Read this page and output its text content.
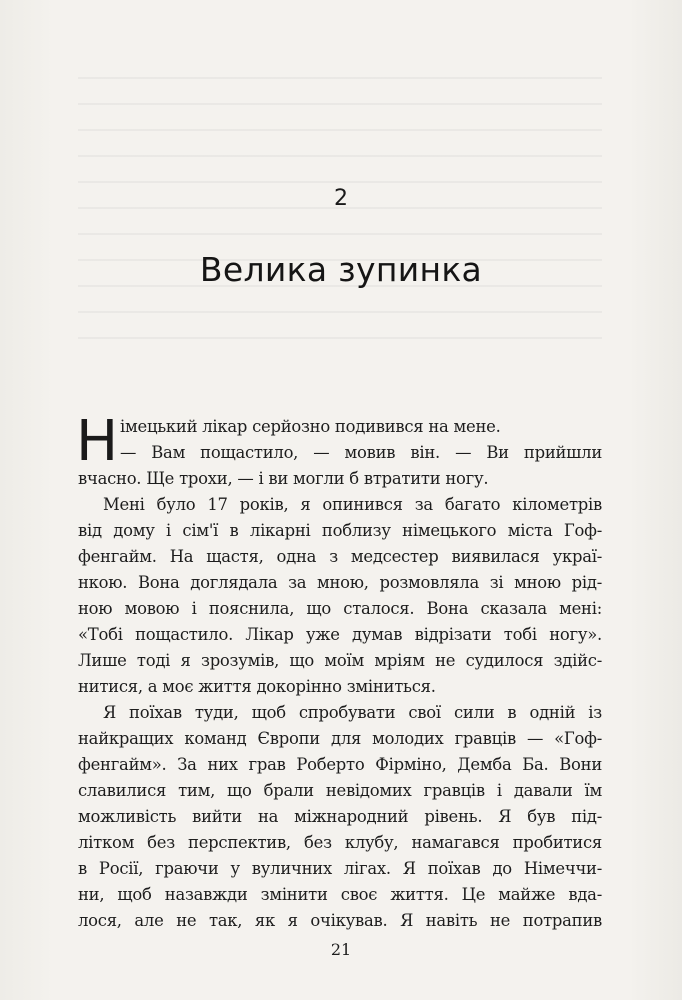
2
Велика зупинка
Н імецький лікар серйозно подивився на мене.
— Вам пощастило, — мовив він. — Ви прийшли
вчасно. Ще трохи, — і ви могли б втратити ногу.
Мені було 17 років, я опинився за багато кілометрів
від дому і сім'ї в лікарні поблизу німецького міста Гоф-
фенгайм. На щастя, одна з медсестер виявилася украї-
нкою. Вона доглядала за мною, розмовляла зі мною рід-
ною мовою і пояснила, що сталося. Вона сказала мені:
«Тобі пощастило. Лікар уже думав відрізати тобі ногу».
Лише тоді я зрозумів, що моїм мріям не судилося здійс-
нитися, а моє життя докорінно зміниться.
Я поїхав туди, щоб спробувати свої сили в одній із
найкращих команд Європи для молодих гравців — «Гоф-
фенгайм». За них грав Роберто Фірміно, Демба Ба. Вони
славилися тим, що брали невідомих гравців і давали їм
можливість вийти на міжнародний рівень. Я був під-
літком без перспектив, без клубу, намагався пробитися
в Росії, граючи у вуличних лігах. Я поїхав до Німеччи-
ни, щоб назавжди змінити своє життя. Це майже вда-
лося, але не так, як я очікував. Я навіть не потрапив
21
